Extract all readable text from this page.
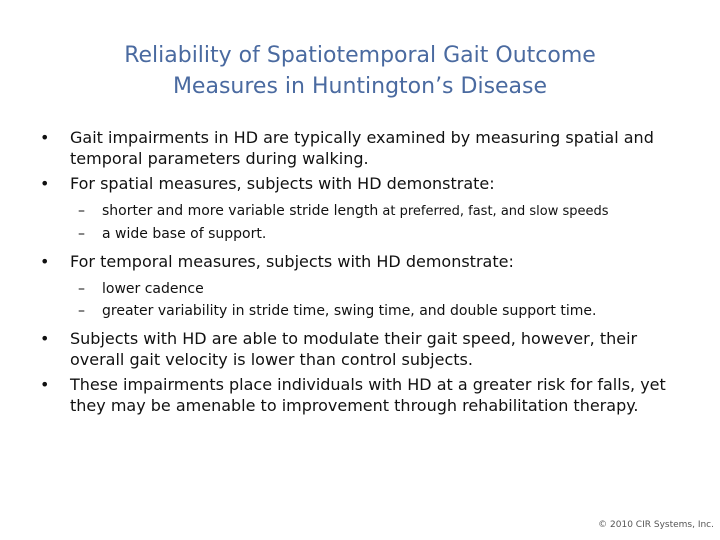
Reliability of Spatiotemporal Gait Outcome
Measures in Huntington’s Disease
•	Gait impairments in HD are typically examined by measuring spatial and temporal parameters during walking.
•	For spatial measures, subjects with HD demonstrate:
– shorter and more variable stride length at preferred, fast, and slow speeds
– a wide base of support.
•	For temporal measures, subjects with HD demonstrate:
– lower cadence
– greater variability in stride time, swing time, and double support time.
•	Subjects with HD are able to modulate their gait speed, however, their overall gait velocity is lower than control subjects.
•	These impairments place individuals with HD at a greater risk for falls, yet they may be amenable to improvement through rehabilitation therapy.
© 2010 CIR Systems, Inc.
